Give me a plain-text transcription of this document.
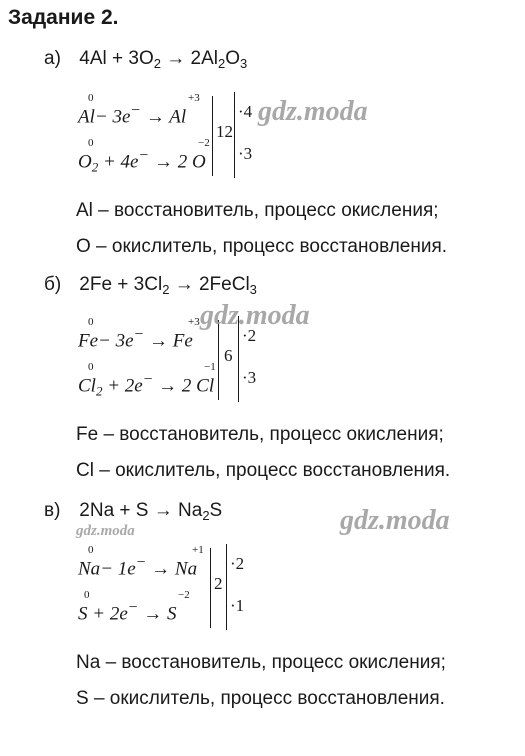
Задание 2.
а) $4Al + 3O_2 \to 2Al_2O_3$
0	+3
Al− 3e− → Al
0	−2
$O_2 + 4e^- \to 2$ O
12
·4
·3
gdz.moda
Al – восстановитель, процесс окисления;
O – окислитель, процесс восстановления.
б) $2Fe + 3Cl_2$ → 2FeCl$_3$
0	+3
Fe− 3e− → Fe
0	−1
$Cl_2 + 2e^- \to 2$ Cl
6
·2
·3
gdz.moda
Fe – восстановитель, процесс окисления;
Cl – окислитель, процесс восстановления.
в) $2Na + S \to Na_2S$
gdz.moda	gdz.moda
0	+1
Na− 1e− → Na
0	−2
S + 2e− → S
2
·2
·1
Na – восстановитель, процесс окисления;
S – окислитель, процесс восстановления.
